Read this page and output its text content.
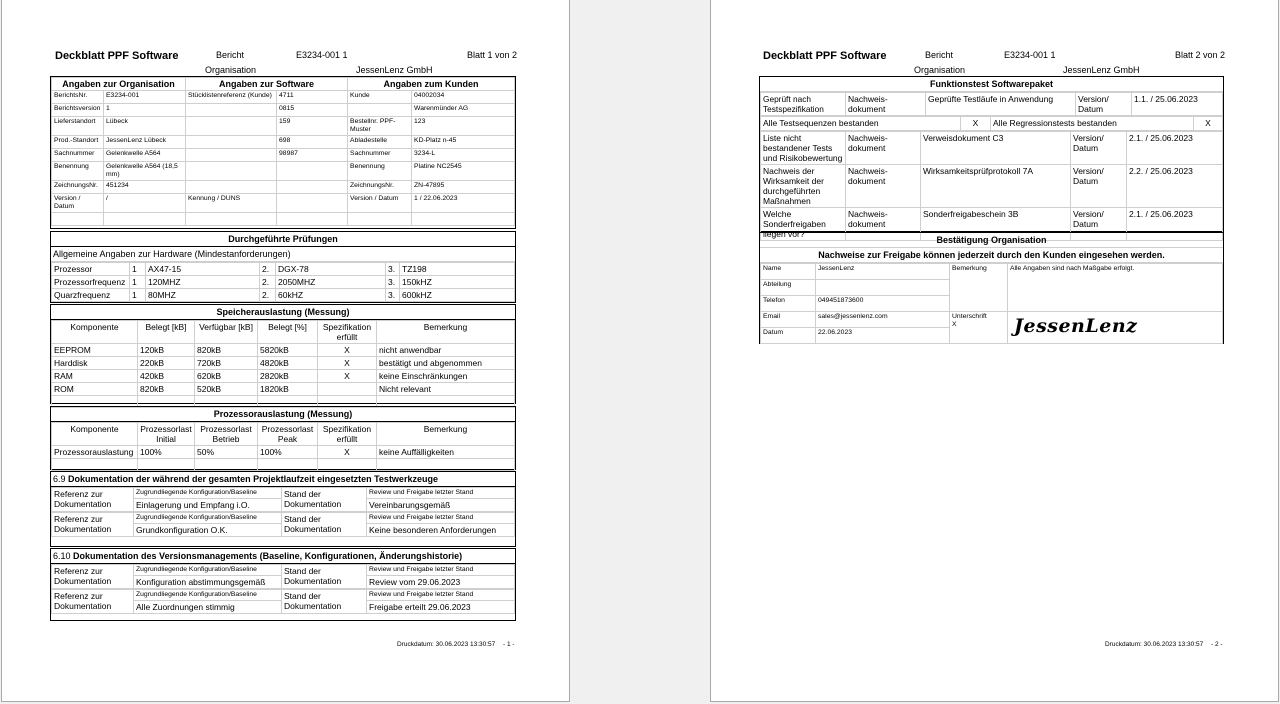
Deckblatt PPF Software	Bericht	E3234-001 1	Blatt 1 von 2
Organisation	JessenLenz GmbH
Angaben zur Organisation		Angaben zur Software		Angaben zum Kunden	
BerichtsNr.	E3234-001	Stücklistenreferenz (Kunde)	4711	Kunde	04002034
Berichtsversion	1		0815		Warenmünder AG
Lieferstandort	Lübeck		159	Bestellnr. PPF-Muster	123
Prod.-Standort	JessenLenz Lübeck		698	Abladestelle	KD-Platz n-45
Sachnummer	Gelenkwelle A564		98987	Sachnummer	3234-L
Benennung	Gelenkwelle A564 (18,5 mm)			Benennung	Platine NC2545
ZeichnungsNr.	451234			ZeichnungsNr.	ZN-47895
Version / Datum	/	Kennung / DUNS		Version / Datum	1 / 22.06.2023

Durchgeführte Prüfungen
Allgemeine Angaben zur Hardware (Mindestanforderungen)
Prozessor	1	AX47-15	2.	DGX-78	3.	TZ198
Prozessorfrequenz	1	120MHZ	2.	2050MHZ	3.	150kHZ
Quarzfrequenz	1	80MHZ	2.	60kHZ	3.	600kHZ
Speicherauslastung (Messung)
Komponente	Belegt [kB]	Verfügbar [kB]	Belegt [%]	Spezifikation erfüllt	Bemerkung
EEPROM	120kB	820kB	5820kB	X	nicht anwendbar
Harddisk	220kB	720kB	4820kB	X	bestätigt und abgenommen
RAM	420kB	620kB	2820kB	X	keine Einschränkungen
ROM	820kB	520kB	1820kB		Nicht relevant

Prozessorauslastung (Messung)
Komponente	Prozessorlast Initial	Prozessorlast Betrieb	Prozessorlast Peak	Spezifikation erfüllt	Bemerkung
Prozessorauslastung	100%	50%	100%	X	keine Auffälligkeiten

6.9 Dokumentation der während der gesamten Projektlaufzeit eingesetzten Testwerkzeuge
Referenz zur Dokumentation	Zugrundliegende Konfiguration/Baseline	Stand der Dokumentation	Review und Freigabe letzter Stand
	Einlagerung und Empfang i.O.		Vereinbarungsgemäß
Referenz zur Dokumentation	Zugrundliegende Konfiguration/Baseline	Stand der Dokumentation	Review und Freigabe letzter Stand
	Grundkonfiguration O.K.		Keine besonderen Anforderungen
6.10 Dokumentation des Versionsmanagements (Baseline, Konfigurationen, Änderungshistorie)
Referenz zur Dokumentation	Zugrundliegende Konfiguration/Baseline	Stand der Dokumentation	Review und Freigabe letzter Stand
	Konfiguration abstimmungsgemäß		Review vom 29.06.2023
Referenz zur Dokumentation	Zugrundliegende Konfiguration/Baseline	Stand der Dokumentation	Review und Freigabe letzter Stand
	Alle Zuordnungen stimmig		Freigabe erteilt 29.06.2023
Druckdatum: 30.06.2023 13:30:57 - 1 -
Deckblatt PPF Software	Bericht	E3234-001 1	Blatt 2 von 2
Organisation	JessenLenz GmbH
Funktionstest Softwarepaket
Geprüft nach Testspezifikation	Nachweis-dokument	Geprüfte Testläufe in Anwendung	Version/ Datum	1.1. / 25.06.2023
Alle Testsequenzen bestanden	X	Alle Regressionstests bestanden	X
Liste nicht bestandener Tests und Risikobewertung	Nachweis-dokument	Verweisdokument C3	Version/ Datum	2.1. / 25.06.2023
Nachweis der Wirksamkeit der durchgeführten Maßnahmen	Nachweis-dokument	Wirksamkeitsprüfprotokoll 7A	Version/ Datum	2.2. / 25.06.2023
Welche Sonderfreigaben liegen vor?	Nachweis-dokument	Sonderfreigabeschein 3B	Version/ Datum	2.1. / 25.06.2023
Bestätigung Organisation
Nachweise zur Freigabe können jederzeit durch den Kunden eingesehen werden.
Name	JessenLenz	Bemerkung	Alle Angaben sind nach Maßgabe erfolgt.
Abteilung			
Telefon	049451873600		
Email	sales@jessenlenz.com	Unterschrift
X	JessenLenz
Datum	22.06.2023		
Druckdatum: 30.06.2023 13:30:57 - 2 -
